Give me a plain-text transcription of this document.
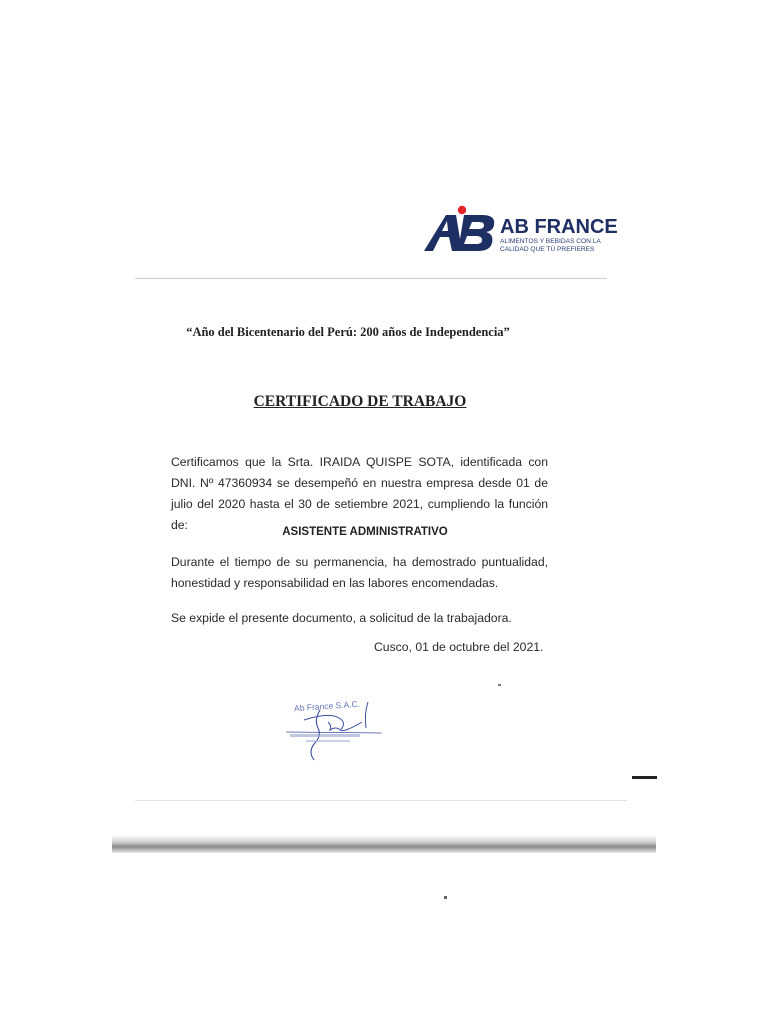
AB FRANCE
ALIMENTOS Y BEBIDAS CON LA
CALIDAD QUE TÚ PREFIERES
“Año del Bicentenario del Perú: 200 años de Independencia”
CERTIFICADO DE TRABAJO
Certificamos que la Srta. IRAIDA QUISPE SOTA, identificada con DNI. Nº 47360934 se desempeñó en nuestra empresa desde 01 de julio del 2020 hasta el 30 de setiembre 2021, cumpliendo la función de:	ASISTENTE ADMINISTRATIVO
Durante el tiempo de su permanencia, ha demostrado puntualidad, honestidad y responsabilidad en las labores encomendadas.
Se expide el presente documento, a solicitud de la trabajadora.
Cusco, 01 de octubre del 2021.
Ab France S.A.C.
